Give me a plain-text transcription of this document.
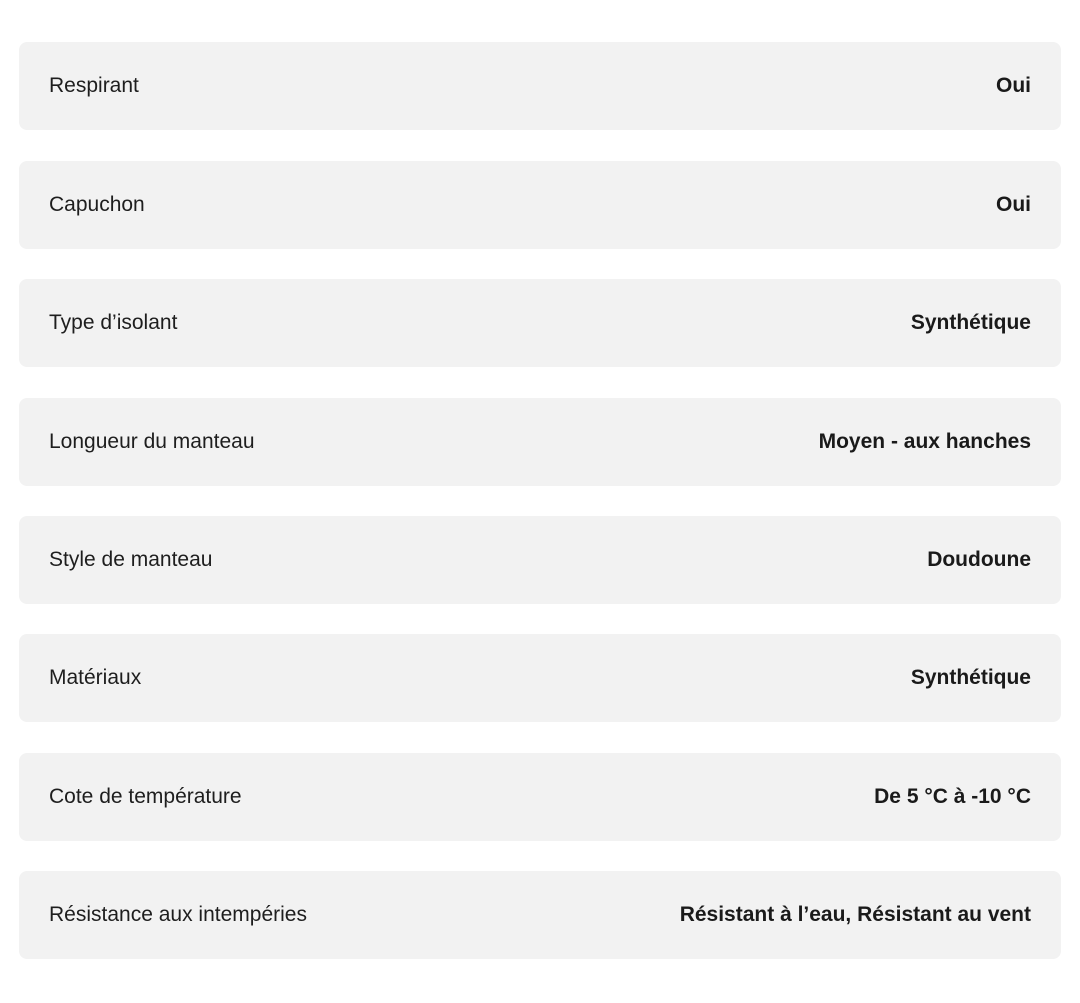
Respirant	Oui
Capuchon	Oui
Type d’isolant	Synthétique
Longueur du manteau	Moyen - aux hanches
Style de manteau	Doudoune
Matériaux	Synthétique
Cote de température	De 5 °C à -10 °C
Résistance aux intempéries	Résistant à l’eau, Résistant au vent
